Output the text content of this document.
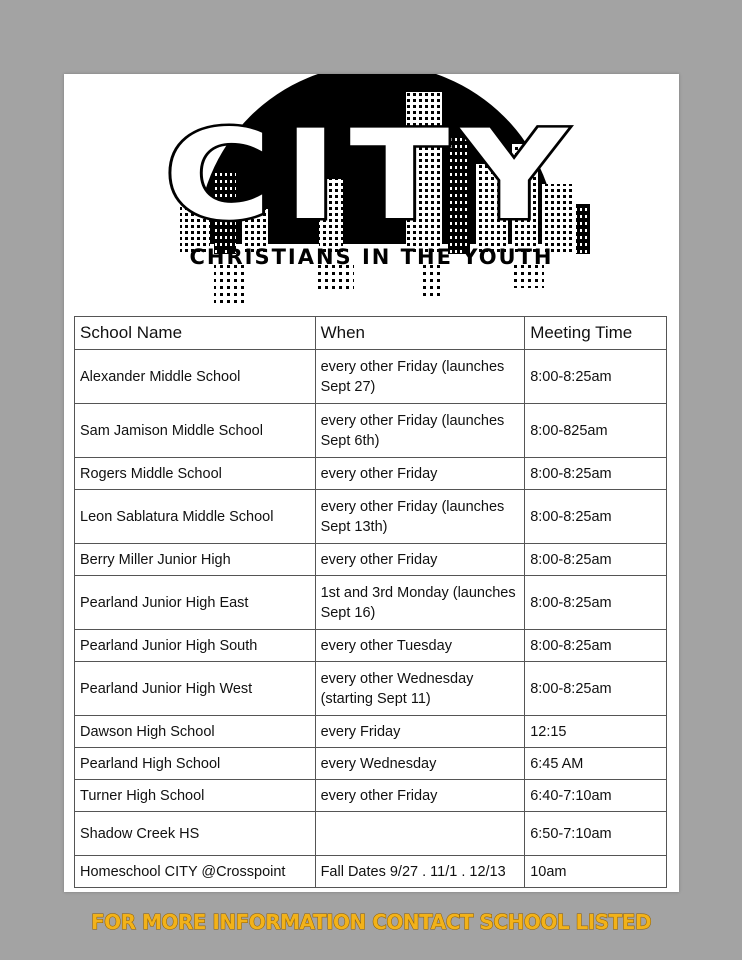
CITY
CHRISTIANS IN THE YOUTH
School Name	When	Meeting Time
Alexander Middle School	every other Friday (launches Sept 27)	8:00-8:25am
Sam Jamison Middle School	every other Friday (launches Sept 6th)	8:00-825am
Rogers Middle School	every other Friday	8:00-8:25am
Leon Sablatura Middle School	every other Friday (launches Sept 13th)	8:00-8:25am
Berry Miller Junior High	every other Friday	8:00-8:25am
Pearland Junior High East	1st and 3rd Monday (launches Sept 16)	8:00-8:25am
Pearland Junior High South	every other Tuesday	8:00-8:25am
Pearland Junior High West	every other Wednesday (starting Sept 11)	8:00-8:25am
Dawson High School	every Friday	12:15
Pearland High School	every Wednesday	6:45 AM
Turner High School	every other Friday	6:40-7:10am
Shadow Creek HS		6:50-7:10am
Homeschool CITY @Crosspoint	Fall Dates 9/27 . 11/1 . 12/13	10am
FOR MORE INFORMATION CONTACT SCHOOL LISTED
